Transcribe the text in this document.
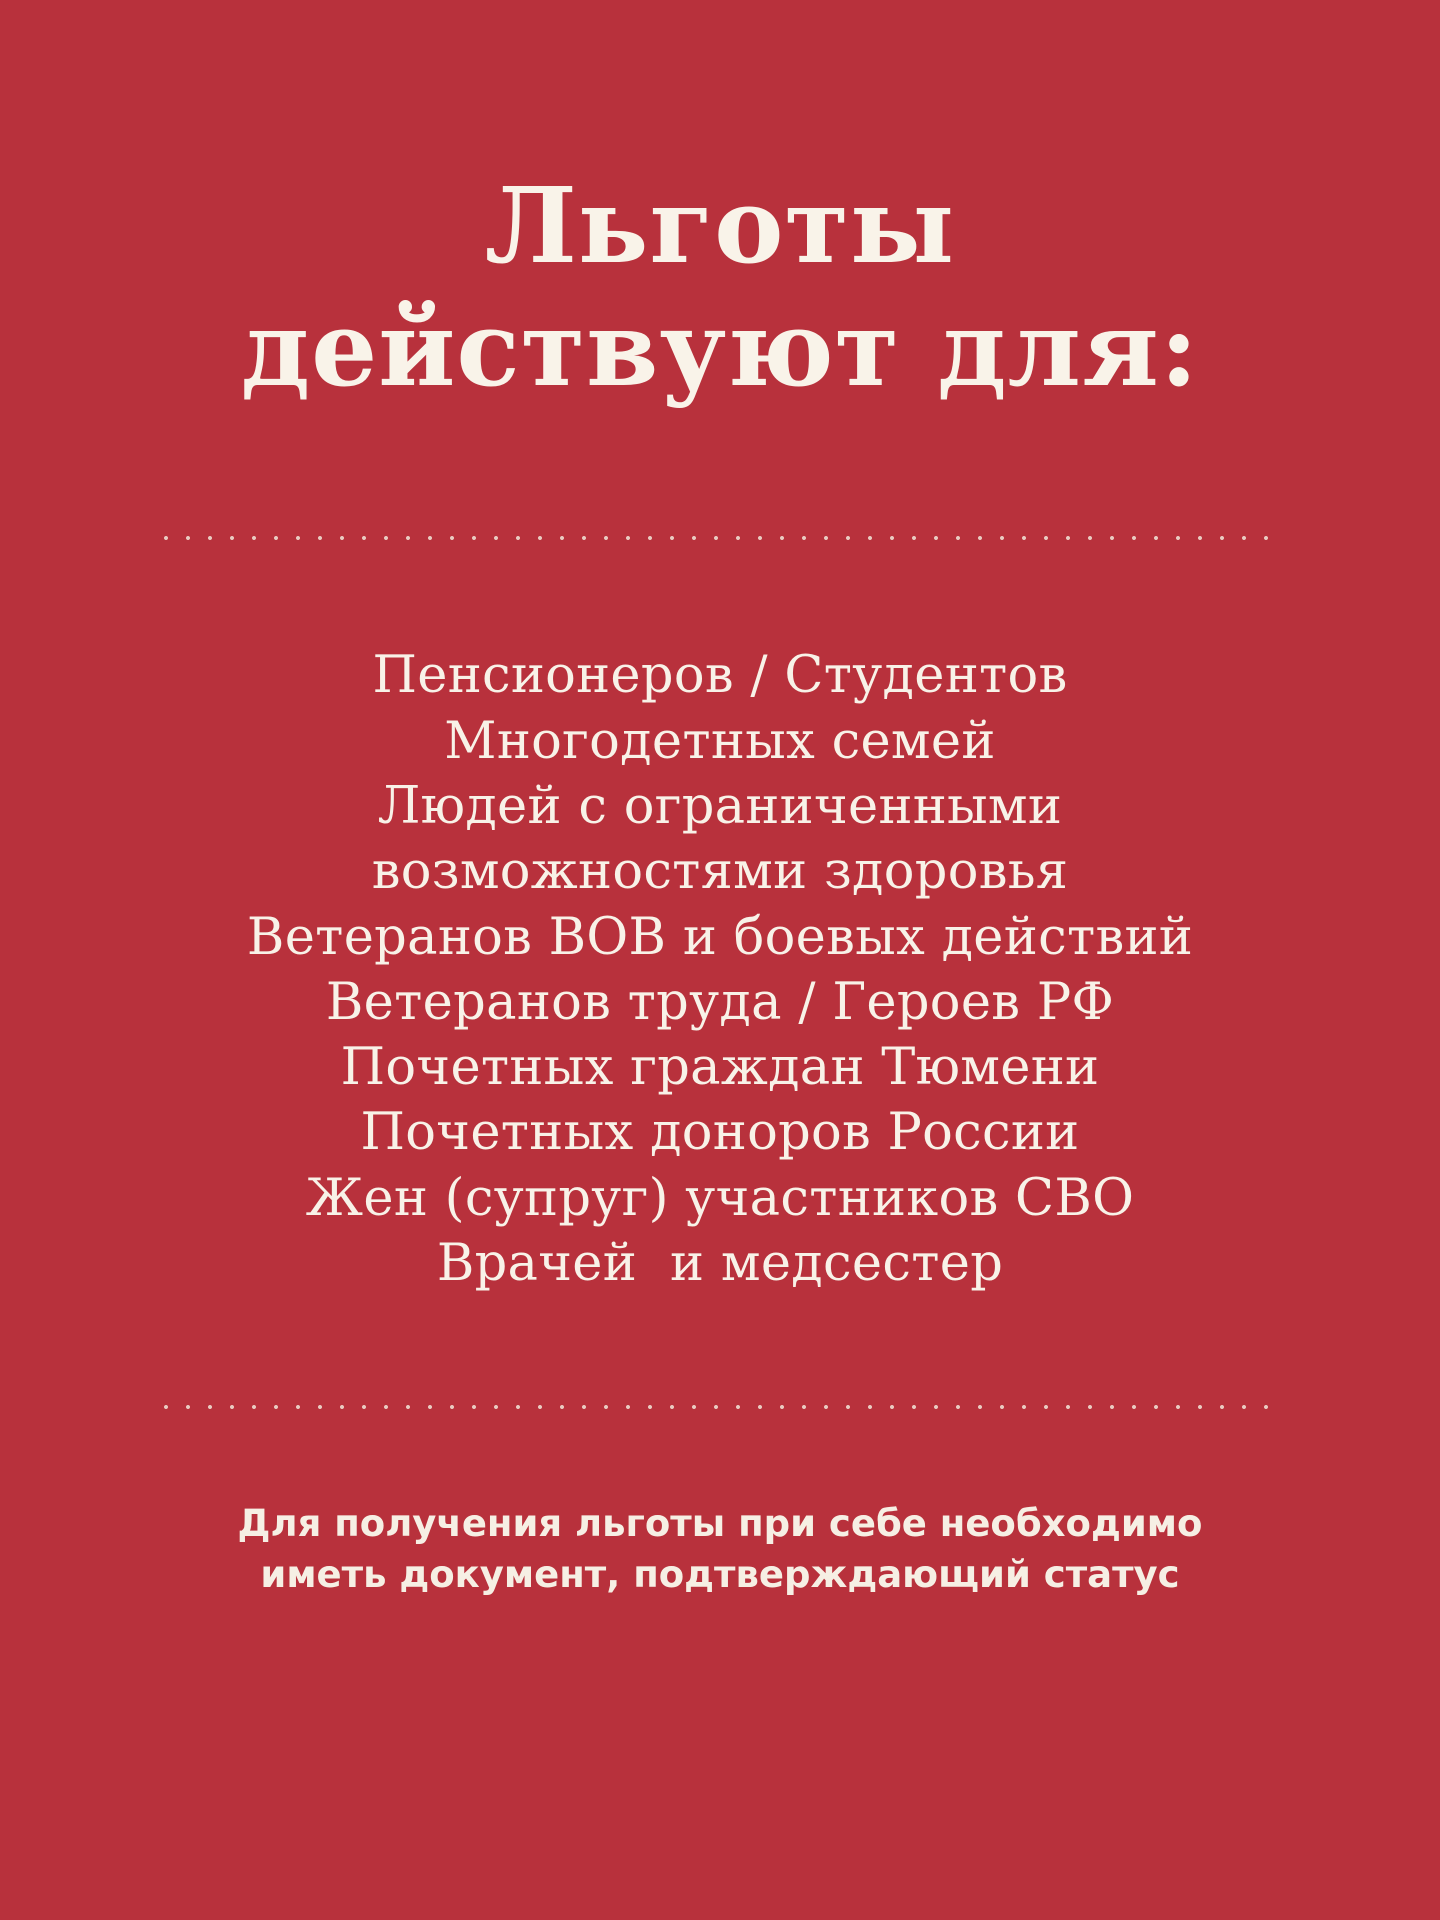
Льготы
действуют для:
Пенсионеров / Студентов
Многодетных семей
Людей с ограниченными
возможностями здоровья
Ветеранов ВОВ и боевых действий
Ветеранов труда / Героев РФ
Почетных граждан Тюмени
Почетных доноров России
Жен (супруг) участников СВО
Врачей  и медсестер
Для получения льготы при себе необходимо
иметь документ, подтверждающий статус
